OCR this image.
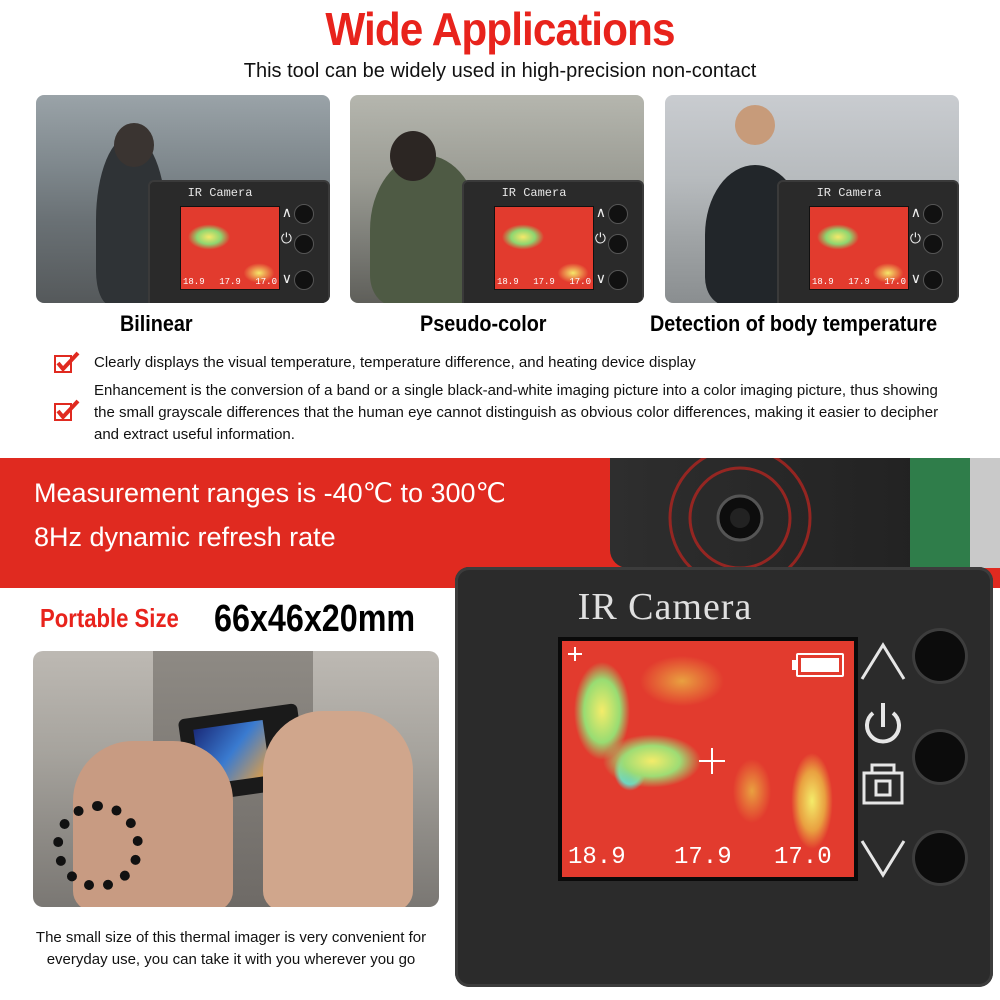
Wide Applications
This tool can be widely used in high-precision non-contact
IR Camera
18.9 17.9 17.0
∧
⏻
∨
IR Camera
18.9 17.9 17.0
∧
⏻
∨
IR Camera
18.9 17.9 17.0
∧
⏻
∨
Bilinear	Pseudo-color	Detection of body temperature
Clearly displays the visual temperature, temperature difference, and heating device display
Enhancement is the conversion of a band or a single black-and-white imaging picture into a color imaging picture, thus showing the small grayscale differences that the human eye cannot distinguish as obvious color differences, making it easier to decipher and extract useful information.
Measurement ranges is -40℃ to 300℃
8Hz dynamic refresh rate
Portable Size 66x46x20mm
The small size of this thermal imager is very convenient for
everyday use, you can take it with you wherever you go
IR Camera
18.9 17.9 17.0
